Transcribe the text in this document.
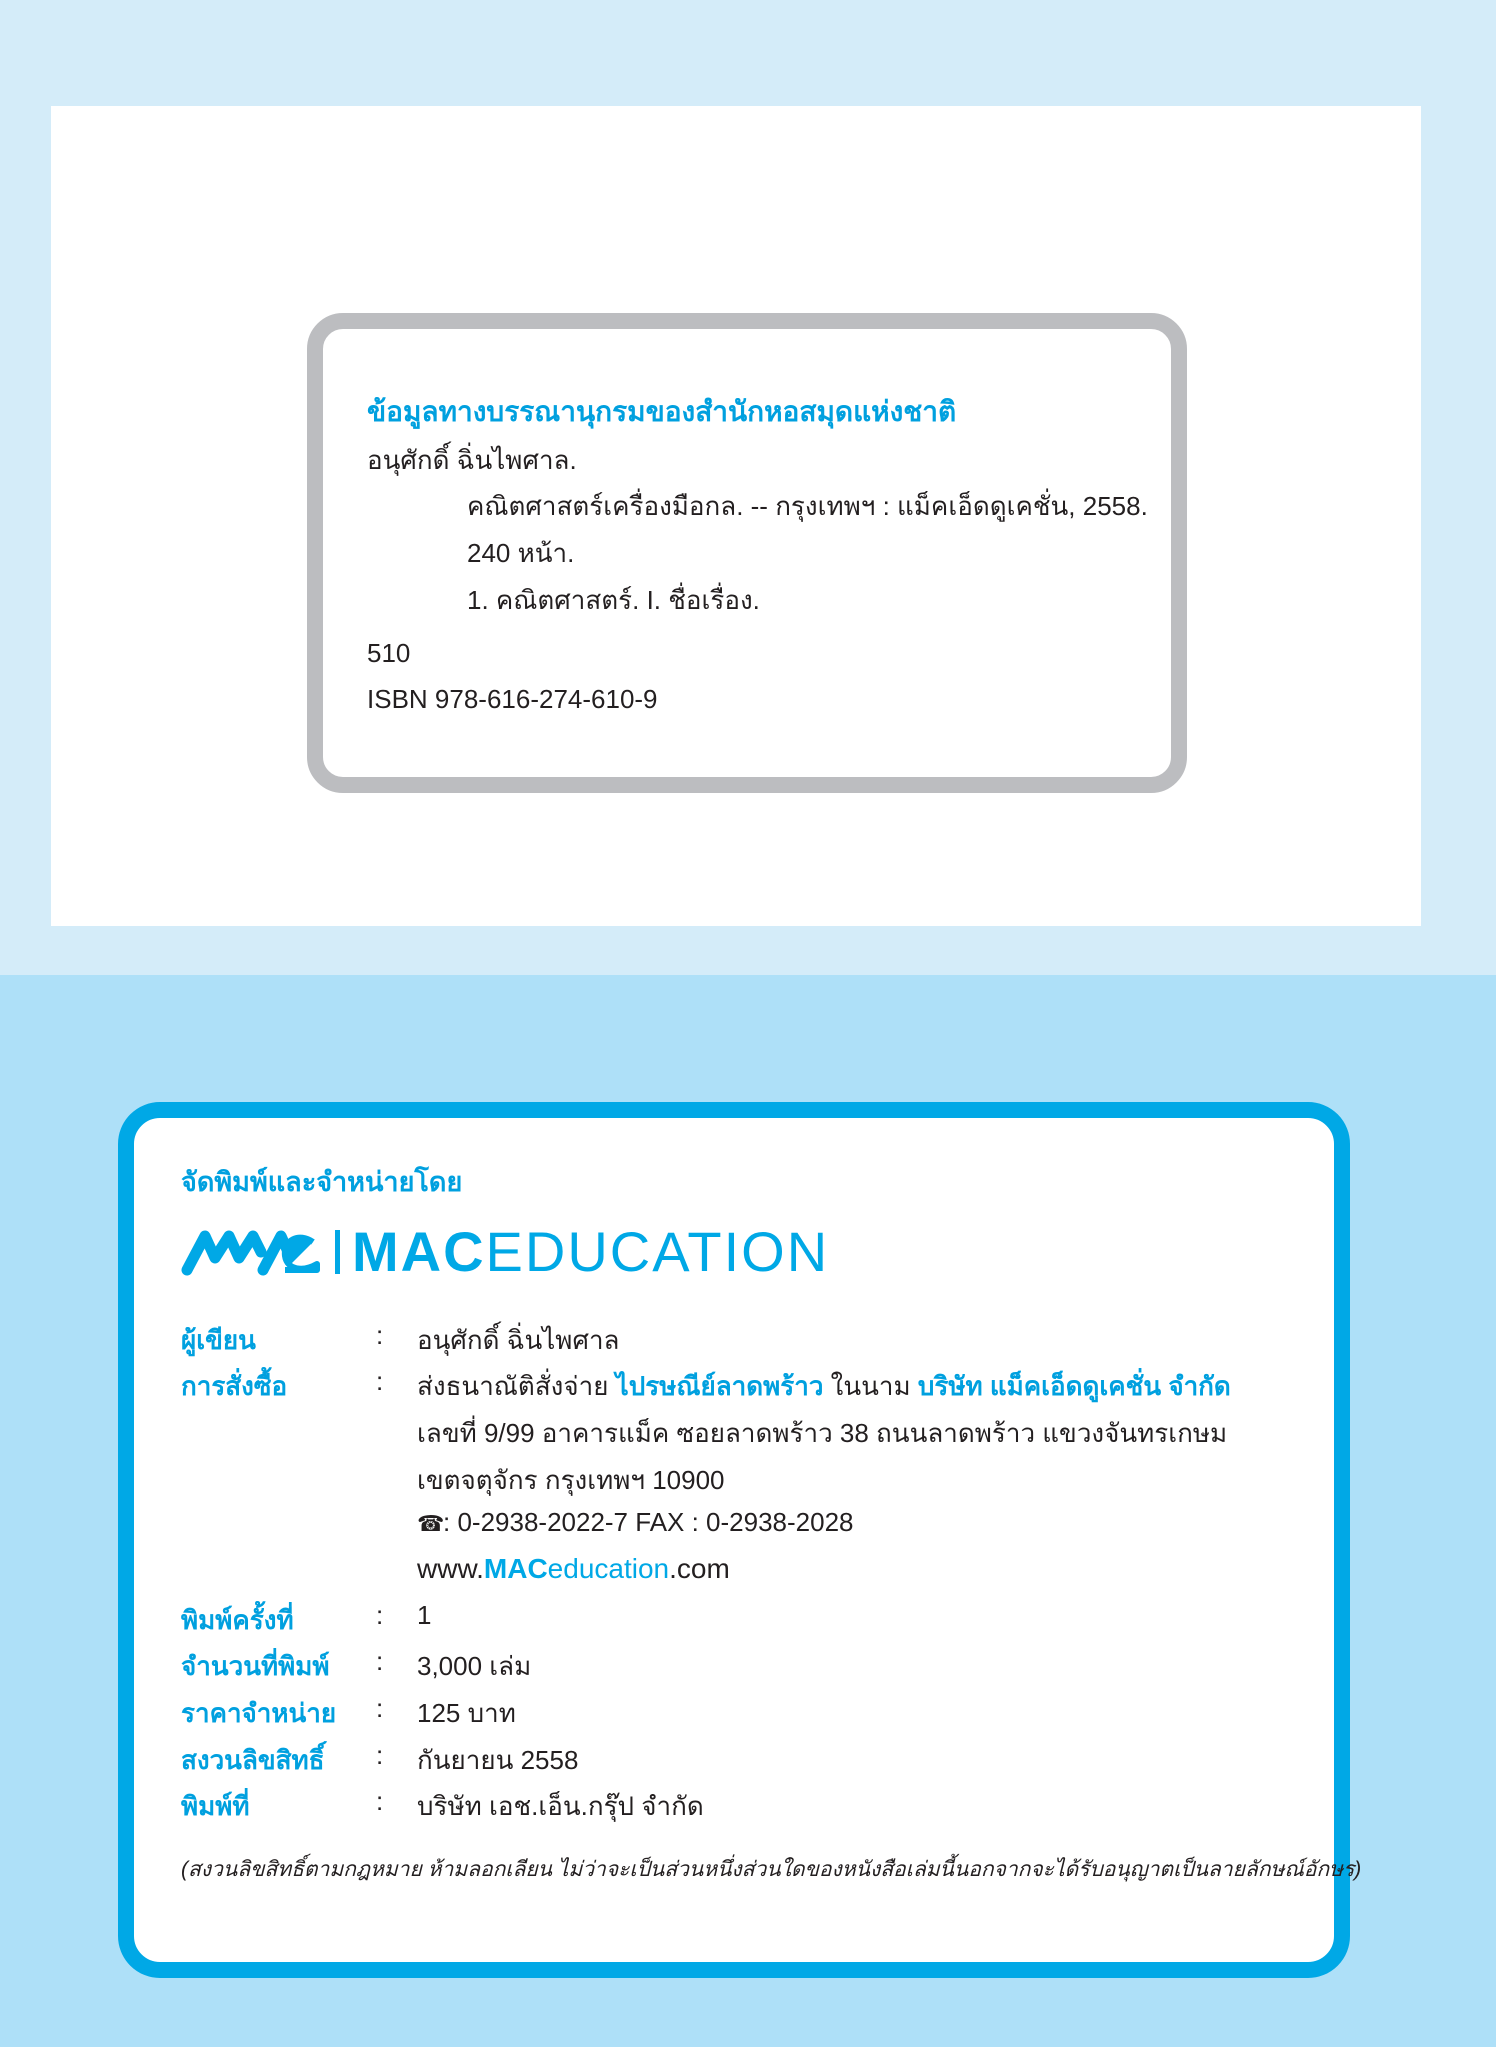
ข้อมูลทางบรรณานุกรมของสำนักหอสมุดแห่งชาติ
อนุศักดิ์ ฉิ่นไพศาล.
คณิตศาสตร์เครื่องมือกล. -- กรุงเทพฯ : แม็คเอ็ดดูเคชั่น, 2558.
240 หน้า.
1. คณิตศาสตร์. I. ชื่อเรื่อง.
510
ISBN 978-616-274-610-9
จัดพิมพ์และจำหน่ายโดย
MACEDUCATION
ผู้เขียน	: อนุศักดิ์ ฉิ่นไพศาล
การสั่งซื้อ	: ส่งธนาณัติสั่งจ่าย ไปรษณีย์ลาดพร้าว ในนาม บริษัท แม็คเอ็ดดูเคชั่น จำกัด
เลขที่ 9/99 อาคารแม็ค ซอยลาดพร้าว 38 ถนนลาดพร้าว แขวงจันทรเกษม
เขตจตุจักร กรุงเทพฯ 10900
☎: 0-2938-2022-7 FAX : 0-2938-2028
www.MACeducation.com
พิมพ์ครั้งที่	: 1
จำนวนที่พิมพ์ : 3,000 เล่ม
ราคาจำหน่าย : 125 บาท
สงวนลิขสิทธิ์ : กันยายน 2558
พิมพ์ที่	: บริษัท เอช.เอ็น.กรุ๊ป จำกัด
(สงวนลิขสิทธิ์ตามกฎหมาย ห้ามลอกเลียน ไม่ว่าจะเป็นส่วนหนึ่งส่วนใดของหนังสือเล่มนี้นอกจากจะได้รับอนุญาตเป็นลายลักษณ์อักษร)
